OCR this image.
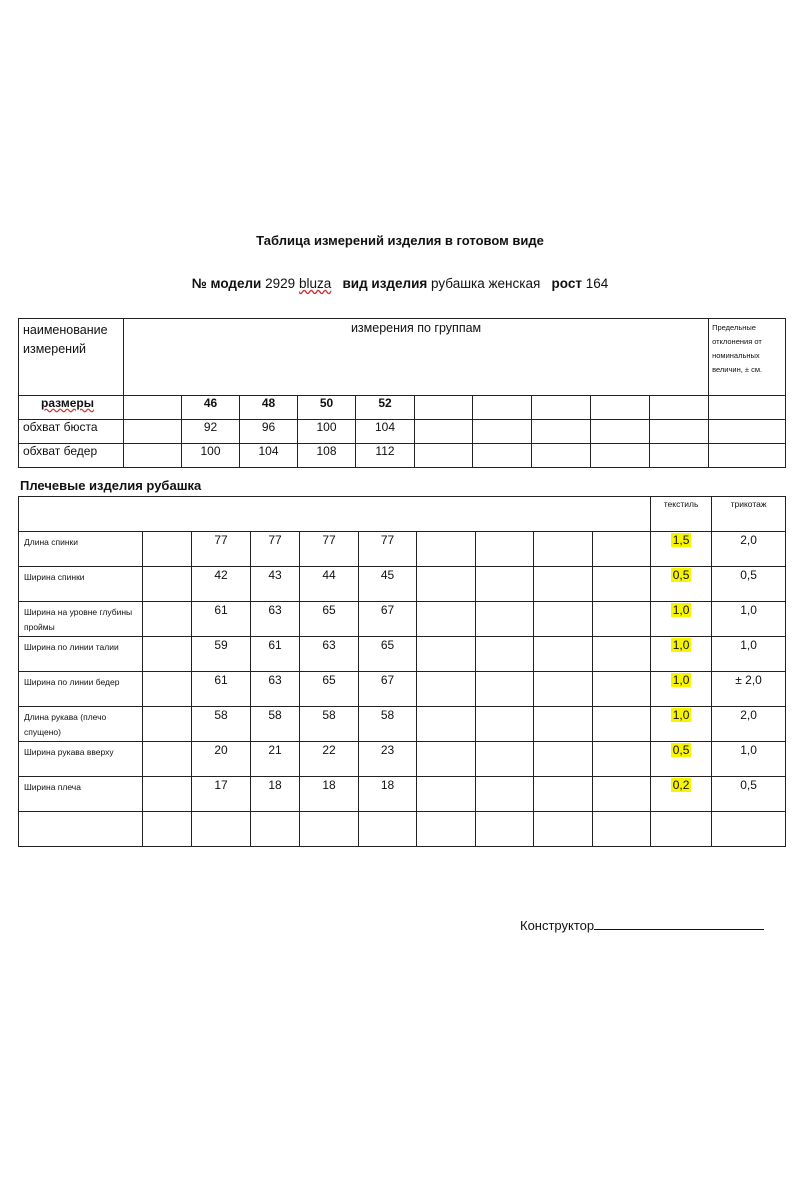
Таблица измерений изделия в готовом виде
№ модели 2929 bluza вид изделия рубашка женская рост 164
наименование измерений	измерения по группам										Предельные отклонения от номинальных величин, ± см.
размеры		46	48	50	52						
обхват бюста		92	96	100	104						
обхват бедер		100	104	108	112						
Плечевые изделия рубашка
										текстиль	трикотаж
Длина спинки		77	77	77	77					1,5	2,0
Ширина спинки		42	43	44	45					0,5	0,5
Ширина на уровне глубины проймы		61	63	65	67					1,0	1,0
Ширина по линии талии		59	61	63	65					1,0	1,0
Ширина по линии бедер		61	63	65	67					1,0	± 2,0
Длина рукава (плечо спущено)		58	58	58	58					1,0	2,0
Ширина рукава вверху		20	21	22	23					0,5	1,0
Ширина плеча		17	18	18	18					0,2	0,5

Конструктор
